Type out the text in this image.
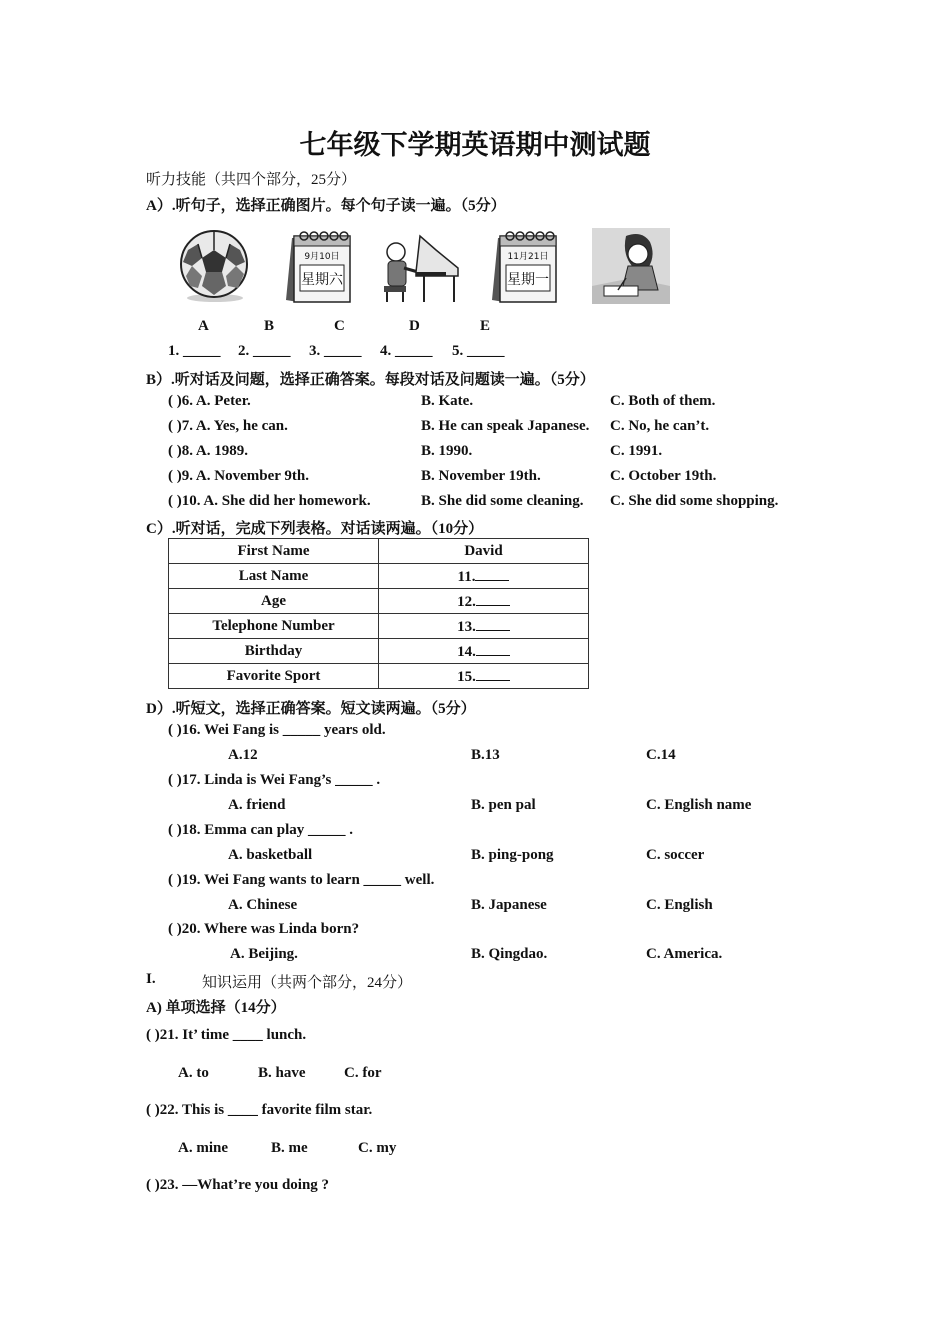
七年级下学期英语期中测试题
听力技能（共四个部分，25分）
A）.听句子，选择正确图片。每个句子读一遍。（5分）
9月10日
星期六
11月21日
星期一
A	B	C	D	E
1. _____ 2. _____ 3. _____ 4. _____ 5. _____
B）.听对话及问题，选择正确答案。每段对话及问题读一遍。（5分）
( )6. A. Peter.	B. Kate.	C. Both of them.
( )7. A. Yes, he can.	B. He can speak Japanese. C. No, he can’t.
( )8. A. 1989.	B. 1990.	C. 1991.
( )9. A. November 9th.	B. November 19th.	C. October 19th.
( )10. A. She did her homework.	B. She did some cleaning. C. She did some shopping.
C）.听对话，完成下列表格。对话读两遍。（10分）
First Name	David
Last Name	11.
Age	12.
Telephone Number	13.
Birthday	14.
Favorite Sport	15.
D）.听短文，选择正确答案。短文读两遍。（5分）
( )16. Wei Fang is _____ years old.
A.12	B.13	C.14
( )17. Linda is Wei Fang’s _____ .
A. friend	B. pen pal	C. English name
( )18. Emma can play _____ .
A. basketball	B. ping-pong	C. soccer
( )19. Wei Fang wants to learn _____ well.
A. Chinese	B. Japanese	C. English
( )20. Where was Linda born?
A. Beijing.	B. Qingdao.	C. America.
I.	知识运用（共两个部分，24分）
A) 单项选择（14分）
( )21. It’ time ____ lunch.
A. to	B. have	C. for
( )22. This is ____ favorite film star.
A. mine	B. me	C. my
( )23. —What’re you doing ?
